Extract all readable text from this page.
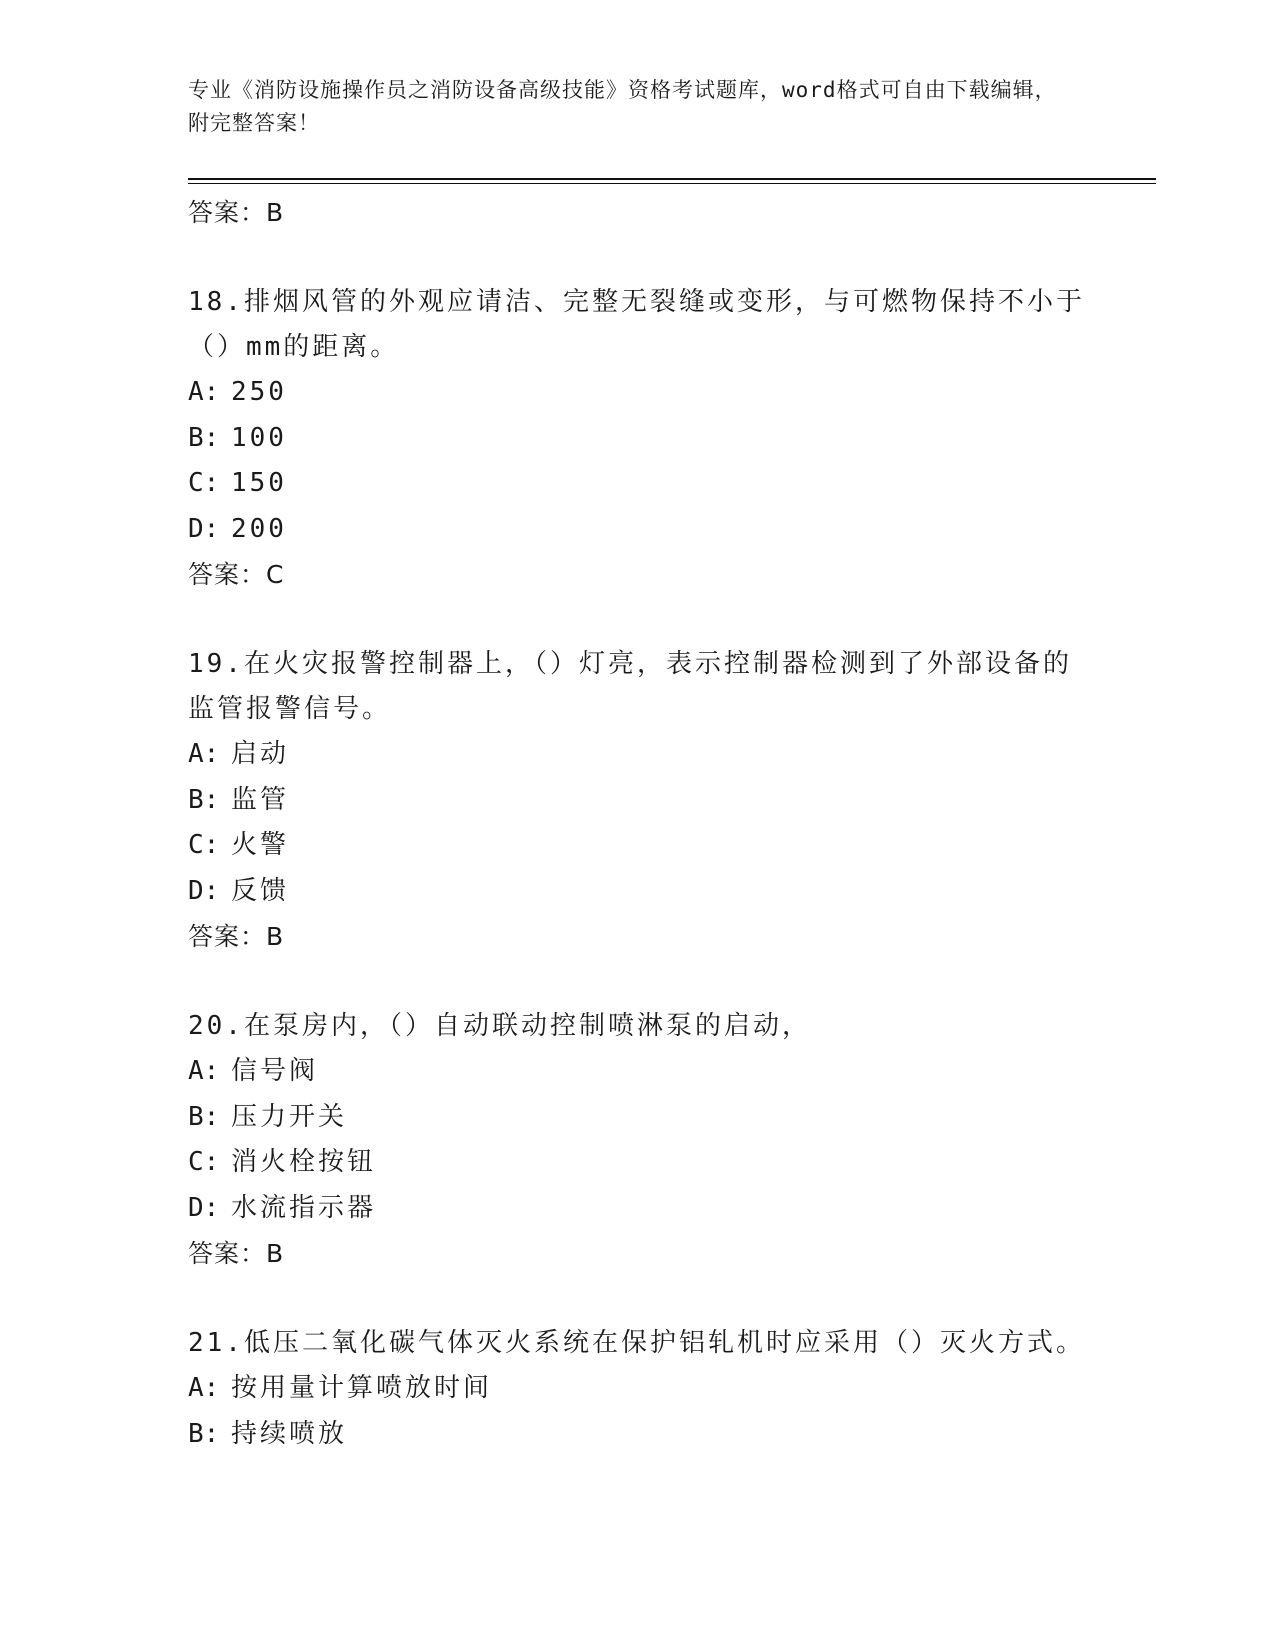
专业《消防设施操作员之消防设备高级技能》资格考试题库，word格式可自由下载编辑，附完整答案！
答案：B
18.排烟风管的外观应请洁、完整无裂缝或变形，与可燃物保持不小于（）mm的距离。
A: 250
B: 100
C: 150
D: 200
答案：C
19.在火灾报警控制器上，（）灯亮，表示控制器检测到了外部设备的监管报警信号。
A: 启动
B: 监管
C: 火警
D: 反馈
答案：B
20.在泵房内，（）自动联动控制喷淋泵的启动，
A: 信号阀
B: 压力开关
C: 消火栓按钮
D: 水流指示器
答案：B
21.低压二氧化碳气体灭火系统在保护铝轧机时应采用（）灭火方式。
A: 按用量计算喷放时间
B: 持续喷放
